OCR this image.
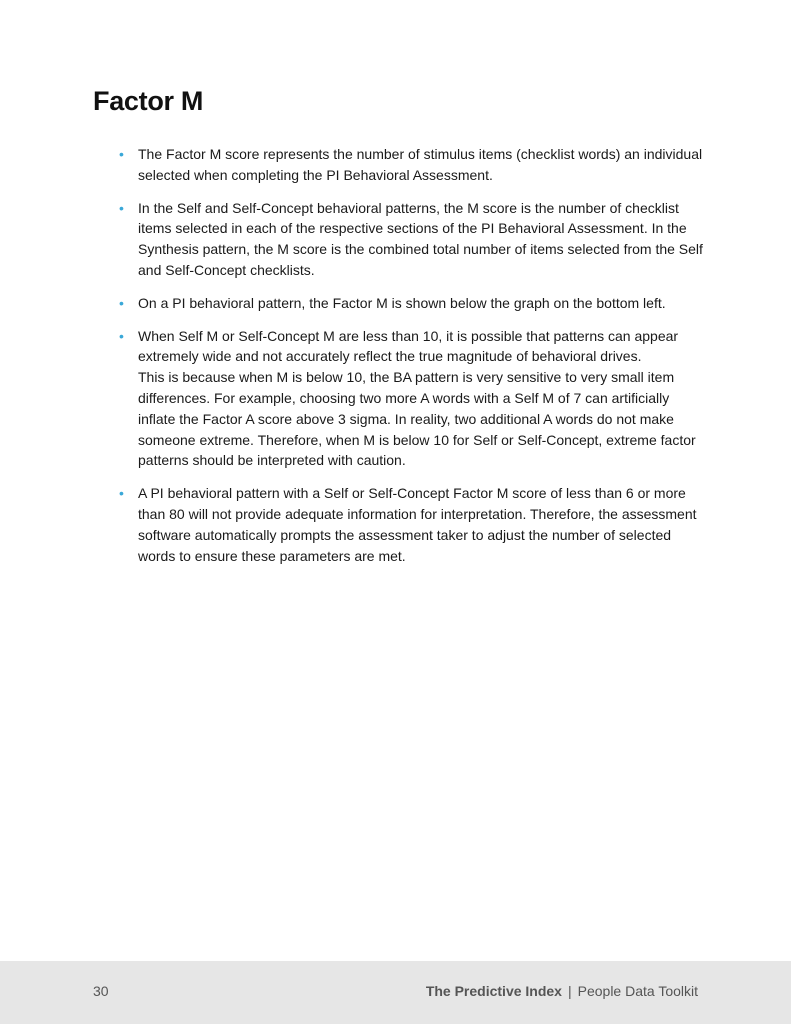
Factor M
• The Factor M score represents the number of stimulus items (checklist words) an individual selected when completing the PI Behavioral Assessment.
• In the Self and Self-Concept behavioral patterns, the M score is the number of checklist items selected in each of the respective sections of the PI Behavioral Assessment. In the Synthesis pattern, the M score is the combined total number of items selected from the Self and Self-Concept checklists.
• On a PI behavioral pattern, the Factor M is shown below the graph on the bottom left.
• When Self M or Self-Concept M are less than 10, it is possible that patterns can appear extremely wide and not accurately reflect the true magnitude of behavioral drives.
This is because when M is below 10, the BA pattern is very sensitive to very small item differences. For example, choosing two more A words with a Self M of 7 can artificially inflate the Factor A score above 3 sigma. In reality, two additional A words do not make someone extreme. Therefore, when M is below 10 for Self or Self-Concept, extreme factor patterns should be interpreted with caution.
• A PI behavioral pattern with a Self or Self-Concept Factor M score of less than 6 or more than 80 will not provide adequate information for interpretation. Therefore, the assessment software automatically prompts the assessment taker to adjust the number of selected words to ensure these parameters are met.
30	The Predictive Index | People Data Toolkit
